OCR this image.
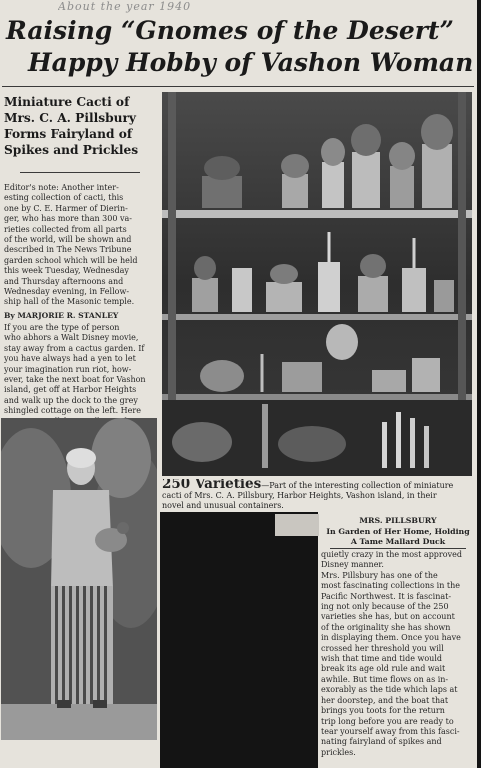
About the year 1940
Raising “Gnomes of the Desert”
Happy Hobby of Vashon Woman
Miniature Cacti of
Mrs. C. A. Pillsbury
Forms Fairyland of
Spikes and Prickles
Editor's note: Another inter-
esting collection of cacti, this
one by C. E. Harmer of Dierin-
ger, who has more than 300 va-
rieties collected from all parts
of the world, will be shown and
described in The News Tribune
garden school which will be held
this week Tuesday, Wednesday
and Thursday afternoons and
Wednesday evening, in Fellow-
ship hall of the Masonic temple.
By MARJORIE R. STANLEY
If you are the type of person
who abhors a Walt Disney movie,
stay away from a cactus garden. If
you have always had a yen to let
your imagination run riot, how-
ever, take the next boat for Vashon
island, get off at Harbor Heights
and walk up the dock to the grey
shingled cottage on the left. Here
250 Varieties—Part of the interesting collection of miniature
cacti of Mrs. C. A. Pillsbury, Harbor Heights, Vashon island, in their
novel and unusual containers.
MRS. PILLSBURY
In Garden of Her Home, Holding
A Tame Mallard Duck
quietly crazy in the most approved
Disney manner.
Mrs. Pillsbury has one of the
most fascinating collections in the
Pacific Northwest. It is fascinat-
ing not only because of the 250
varieties she has, but on account
of the originality she has shown
in displaying them. Once you have
crossed her threshold you will
wish that time and tide would
break its age old rule and wait
awhile. But time flows on as in-
exorably as the tide which laps at
her doorstep, and the boat that
brings you toots for the return
trip long before you are ready to
tear yourself away from this fasci-
nating fairyland of spikes and
prickles.
